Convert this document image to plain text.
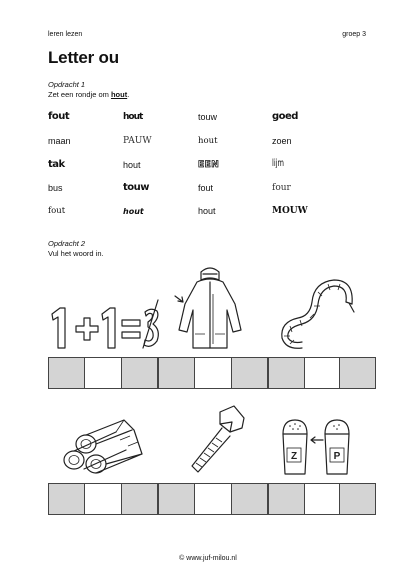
leren lezen	groep 3
Letter ou
Opdracht 1
Zet een rondje om hout.
fout	hout	touw	goed
maan	PAUW	hout	zoen
tak	hout	EEN	lijm
bus	touw	fout	four
fout	hout	hout	MOUW
Opdracht 2
Vul het woord in.
Z	P
© www.juf-milou.nl
